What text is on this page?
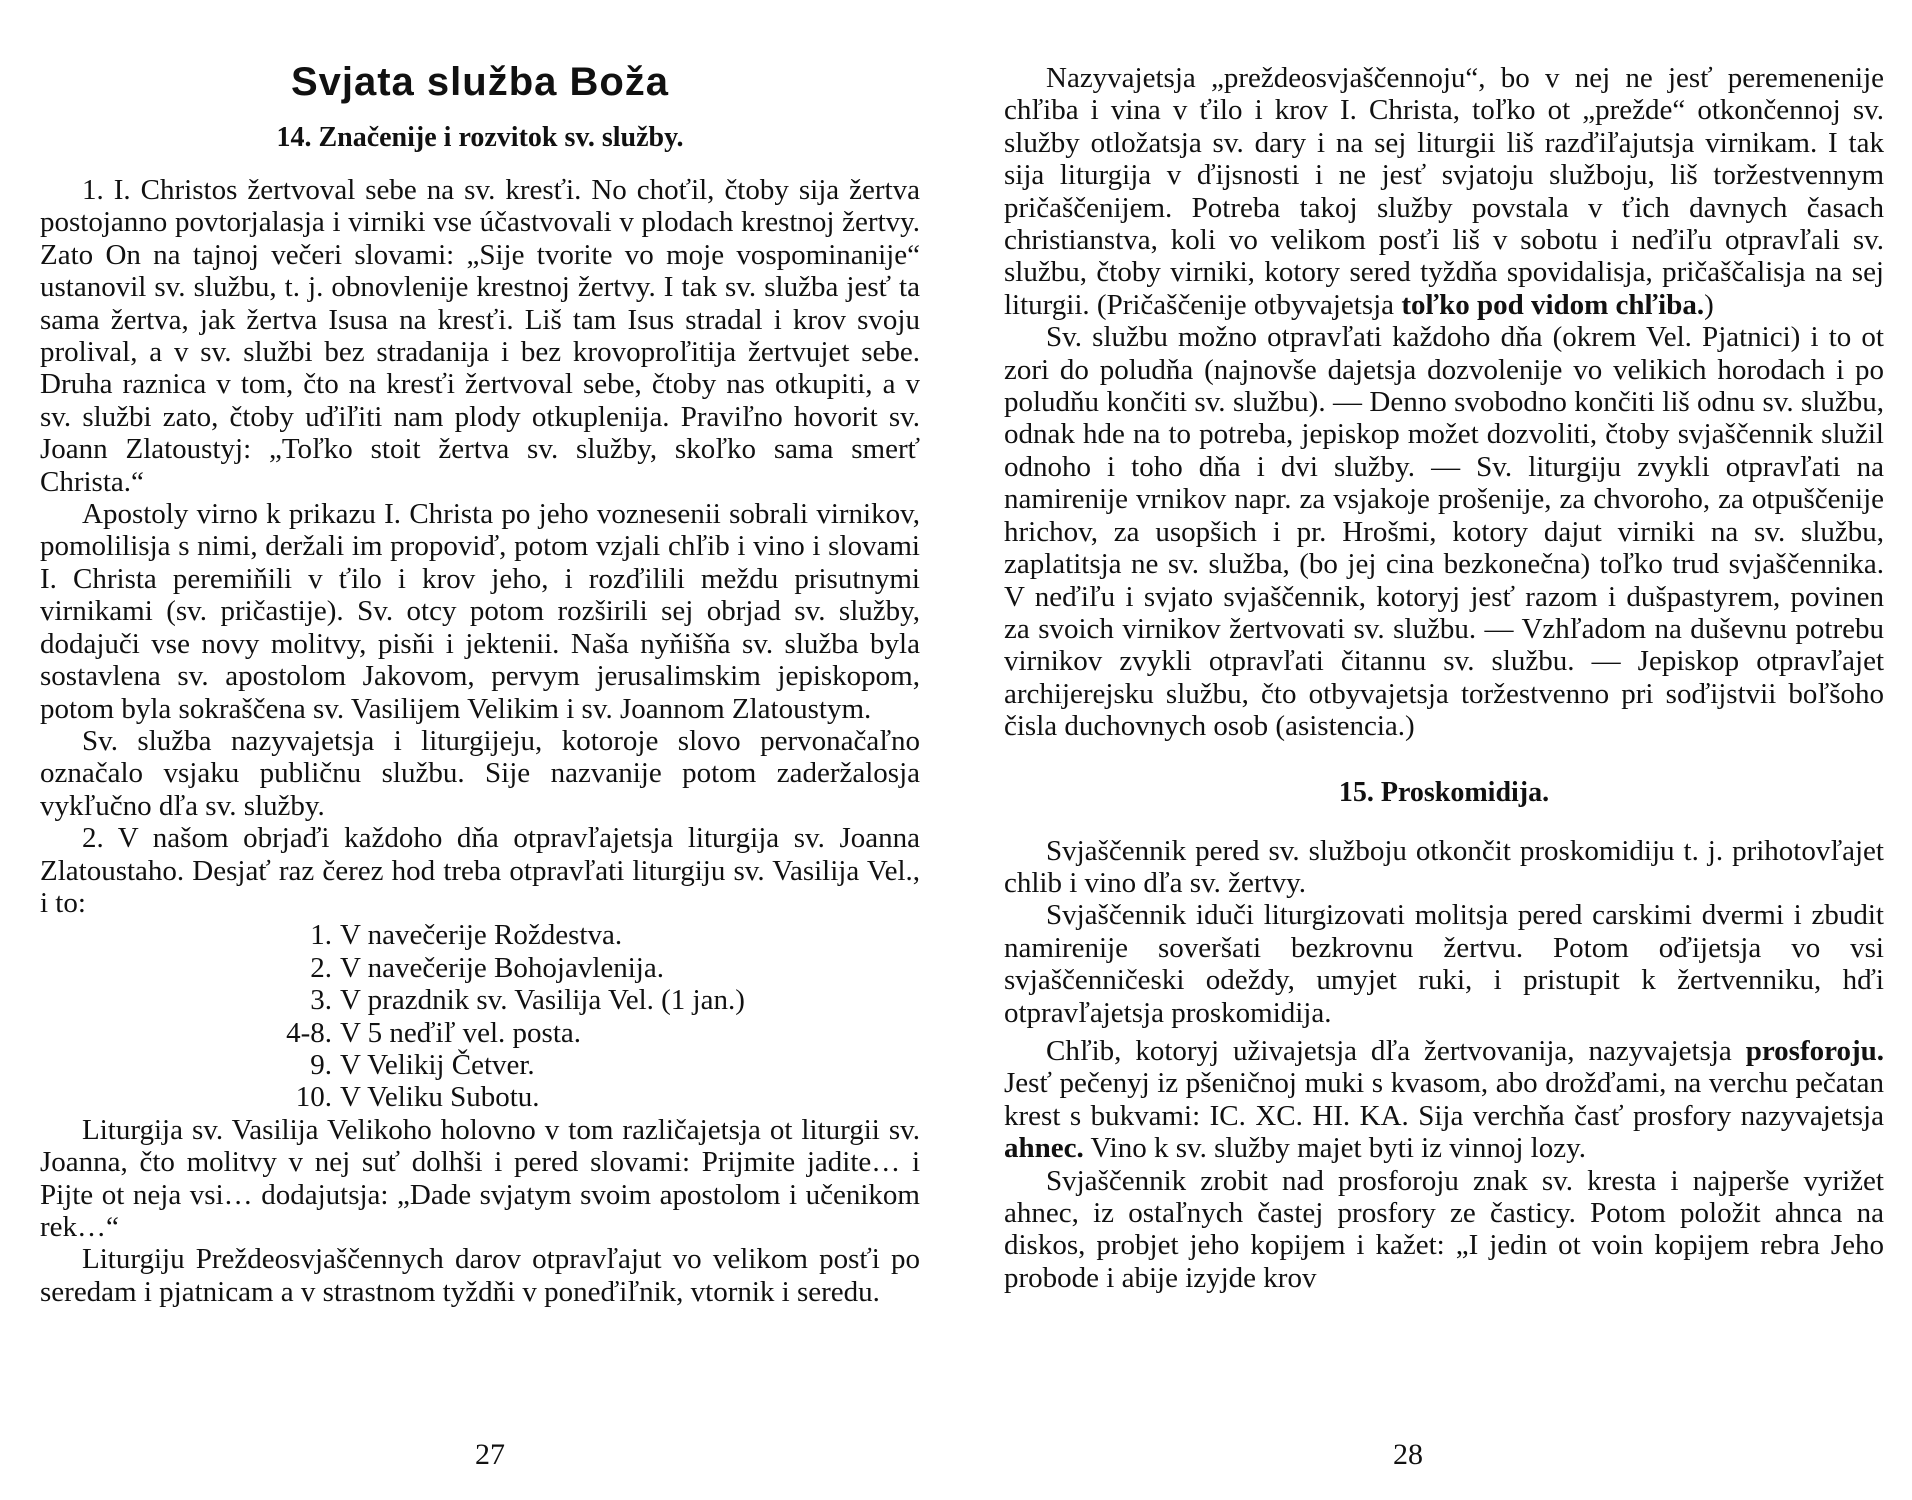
Svjata služba Boža
14. Značenije i rozvitok sv. služby.

1. I. Christos žertvoval sebe na sv. kresťi. No choťil, čtoby sija žertva postojanno povtorjalasja i virniki vse účastvovali v plodach krestnoj žertvy. Zato On na tajnoj večeri slovami: „Sije tvorite vo moje vospominanije“ ustanovil sv. službu, t. j. obnovlenije krestnoj žertvy. I tak sv. služba jesť ta sama žertva, jak žertva Isusa na kresťi. Liš tam Isus stradal i krov svoju prolival, a v sv. službi bez stradanija i bez krovoproľitija žertvujet sebe. Druha raznica v tom, čto na kresťi žertvoval sebe, čtoby nas otkupiti, a v sv. službi zato, čtoby uďiľiti nam plody otkuplenija. Praviľno hovorit sv. Joann Zlatoustyj: „Toľko stoit žertva sv. služby, skoľko sama smerť Christa.“

Apostoly virno k prikazu I. Christa po jeho vozneseniі sobrali virnikov, pomolilisja s nimi, deržali im propoviď, potom vzjali chľib i vino i slovami I. Christa peremiňili v ťilo i krov jeho, i rozďilili meždu prisutnymi virnikami (sv. pričastije). Sv. otcy potom rozširili sej obrjad sv. služby, dodajuči vse novy molitvy, pisňi i jektenii. Naša nyňišňa sv. služba byla sostavlena sv. apostolom Jakovom, pervym jerusalimskim jepiskopom, potom byla sokraščena sv. Vasilijem Velikim i sv. Joannom Zlatoustym.

Sv. služba nazyvajetsja i liturgijeju, kotoroje slovo pervonačaľno označalo vsjaku publičnu službu. Sije nazvanije potom zaderžalosja vykľučno dľa sv. služby.

2. V našom obrjaďi každoho dňa otpravľajetsja liturgija sv. Joanna Zlatoustaho. Desjať raz čerez hod treba otpravľati liturgiju sv. Vasilija Vel., i to:

1. V navečerije Roždestva.
2. V navečerije Bohojavlenija.
3. V prazdnik sv. Vasilija Vel. (1 jan.)
4-8. V 5 neďiľ vel. posta.
9. V Velikij Četver.
10. V Veliku Subotu.

Liturgija sv. Vasilija Velikoho holovno v tom različajetsja ot liturgii sv. Joanna, čto molitvy v nej suť dolhši i pered slovami: Prijmite jadite… i Pijte ot neja vsi… dodajutsja: „Dade svjatym svoim apostolom i učenikom rek…“

Liturgiju Preždeosvjaščennych darov otpravľajut vo velikom posťi po seredam i pjatnicam a v strastnom tyždňi v poneďiľnik, vtornik i seredu.

27

Nazyvajetsja „preždeosvjaščennoju“, bo v nej ne jesť peremenenije chľiba i vina v ťilo i krov I. Christa, toľko ot „prežde“ otkončennoj sv. služby otložatsja sv. dary i na sej liturgii liš razďiľajutsja virnikam. I tak sija liturgija v ďijsnosti i ne jesť svjatoju službоju, liš toržestvennym pričaščenijem. Potreba takoj služby povstala v ťich davnych časach christianstva, koli vo velikom posťi liš v sobotu i neďiľu otpravľali sv. službu, čtoby virniki, kotory sered tyždňa spovidalisja, pričaščalisja na sej liturgii. (Pričaščenije otbyvajetsja toľko pod vidom chľiba.)

Sv. službu možno otpravľati každoho dňa (okrem Vel. Pjatnici) i to ot zori do poludňa (najnovše dajetsja dozvolenije vo velikich horodach i po poludňu končiti sv. službu). — Denno svobodno končiti liš odnu sv. službu, odnak hde na to potreba, jepiskop možet dozvoliti, čtoby svjaščennik služil odnoho i toho dňa i dvi služby. — Sv. liturgiju zvykli otpravľati na namirenije vrnikov napr. za vsjakoje prošenije, za chvoroho, za otpuščenije hrichov, za usopšich i pr. Hrošmi, kotory dajut virniki na sv. službu, zaplatitsja ne sv. služba, (bo jej cina bezkonečna) toľko trud svjaščennika. V neďiľu i svjato svjaščennik, kotoryj jesť razom i dušpastyrem, povinen za svoich virnikov žertvovati sv. službu. — Vzhľadom na duševnu potrebu virnikov zvykli otpravľati čitannu sv. službu. — Jepiskop otpravľajet archijerejsku službu, čto otbyvajetsja toržestvenno pri soďijstvii boľšoho čisla duchovnych osob (asistencia.)

15. Proskomidija.

Svjaščennik pered sv. službоju otkončit proskomidiju t. j. prihotovľajet chlib i vino dľa sv. žertvy.

Svjaščennik iduči liturgizovati molitsja pered carskimi dvermi i zbudit namirenije soveršati bezkrovnu žertvu. Potom oďijetsja vo vsi svjaščenničeski odeždy, umyjet ruki, i pristupit k žertvenniku, hďi otpravľajetsja proskomidija.

Chľib, kotoryj uživajetsja dľa žertvovanija, nazyvajetsja prosforoju. Jesť pečenyj iz pšeničnoj muki s kvasom, abo drožďami, na verchu pečatan krest s bukvami: IC. XC. HI. KA. Sija verchňa časť prosfory nazyvajetsja ahnec. Vino k sv. služby majet byti iz vinnoj lozy.

Svjaščennik zrobit nad prosforoju znak sv. kresta i najperše vyrižet ahnec, iz ostaľnych častej prosfory ze časticy. Potom položit ahnca na diskos, probjet jeho kopijem i kažet: „I jedin ot voin kopijem rebra Jeho probode i abije izyjde krov

28
